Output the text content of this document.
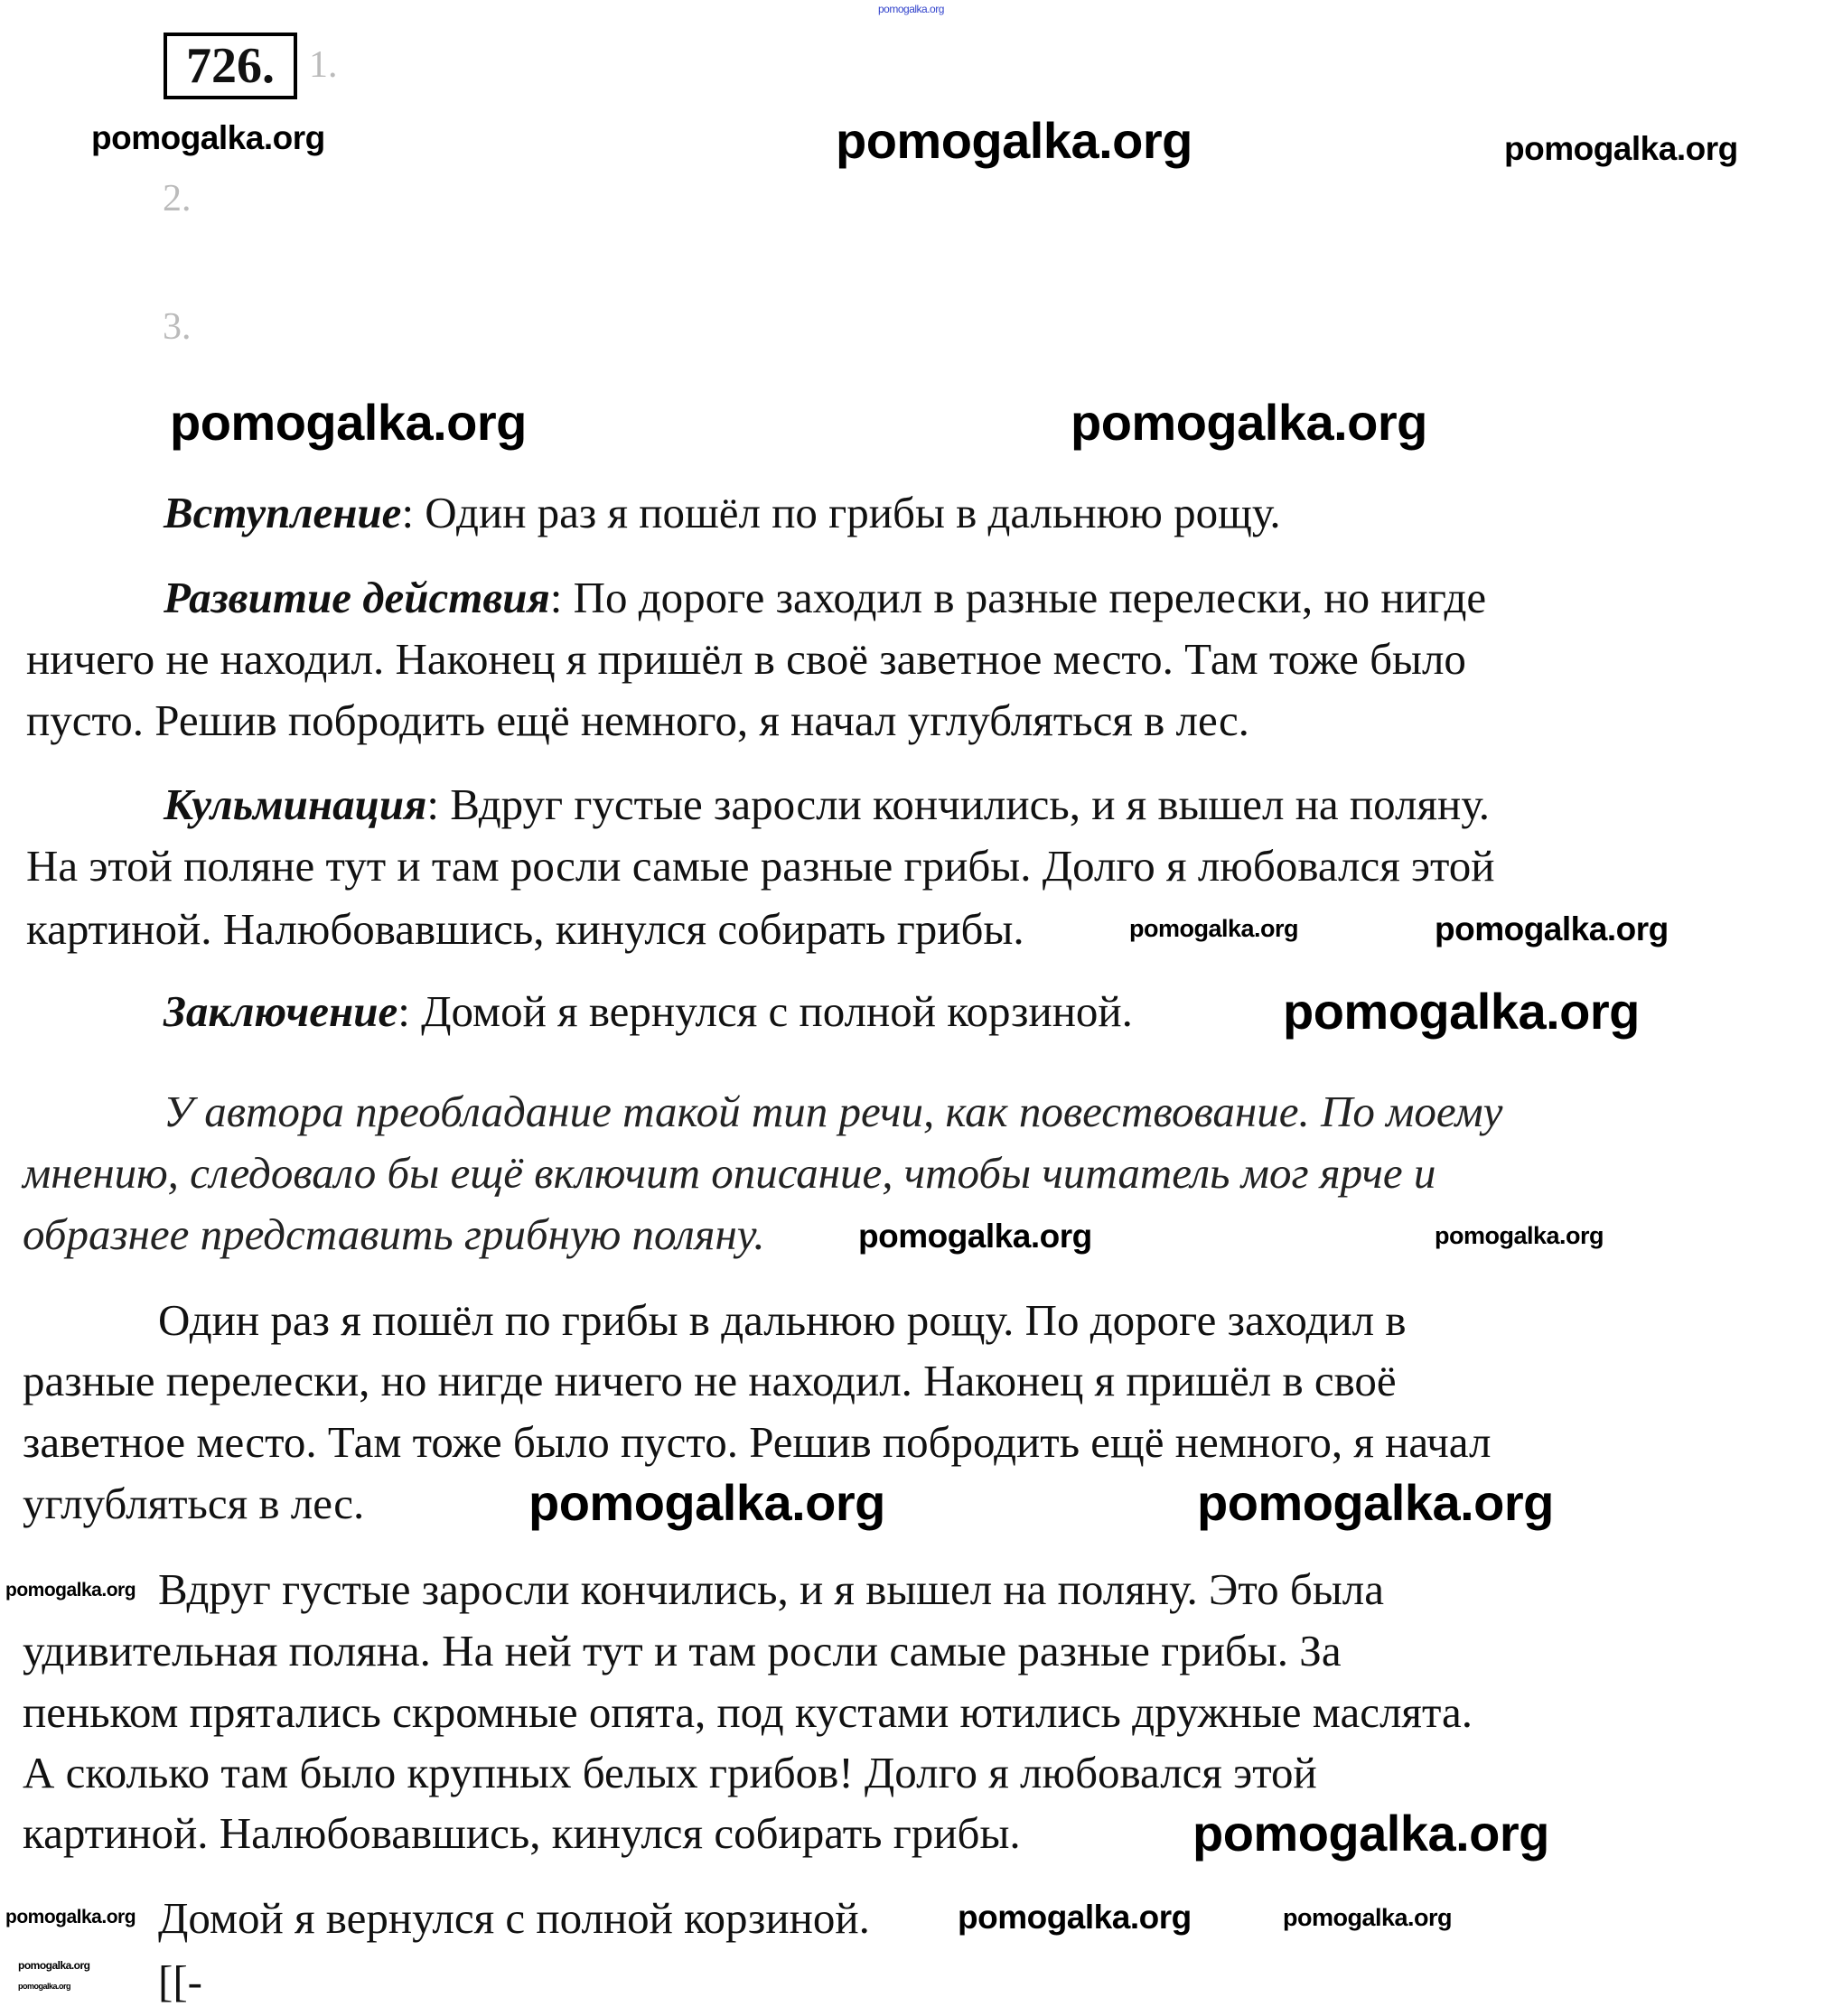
726. 1.
2.
3.
Вступление: Один раз я пошёл по грибы в дальнюю рощу.
Развитие действия: По дороге заходил в разные перелески, но нигде
ничего не находил. Наконец я пришёл в своё заветное место. Там тоже было
пусто. Решив побродить ещё немного, я начал углубляться в лес.
Кульминация: Вдруг густые заросли кончились, и я вышел на поляну.
На этой поляне тут и там росли самые разные грибы. Долго я любовался этой
картиной. Налюбовавшись, кинулся собирать грибы.
Заключение: Домой я вернулся с полной корзиной.
У автора преобладание такой тип речи, как повествование. По моему
мнению, следовало бы ещё включит описание, чтобы читатель мог ярче и
образнее представить грибную поляну.
Один раз я пошёл по грибы в дальнюю рощу. По дороге заходил в
разные перелески, но нигде ничего не находил. Наконец я пришёл в своё
заветное место. Там тоже было пусто. Решив побродить ещё немного, я начал
углубляться в лес.
Вдруг густые заросли кончились, и я вышел на поляну. Это была
удивительная поляна. На ней тут и там росли самые разные грибы. За
пеньком прятались скромные опята, под кустами ютились дружные маслята.
А сколько там было крупных белых грибов! Долго я любовался этой
картиной. Налюбовавшись, кинулся собирать грибы.
Домой я вернулся с полной корзиной.
[[-
pomogalka.org
pomogalka.org	pomogalka.org	pomogalka.org
pomogalka.org	pomogalka.org
pomogalka.org	pomogalka.org
pomogalka.org
pomogalka.org
pomogalka.org
pomogalka.org
pomogalka.org	pomogalka.org
pomogalka.org
pomogalka.org
pomogalka.org
pomogalka.org	pomogalka.org
pomogalka.org
